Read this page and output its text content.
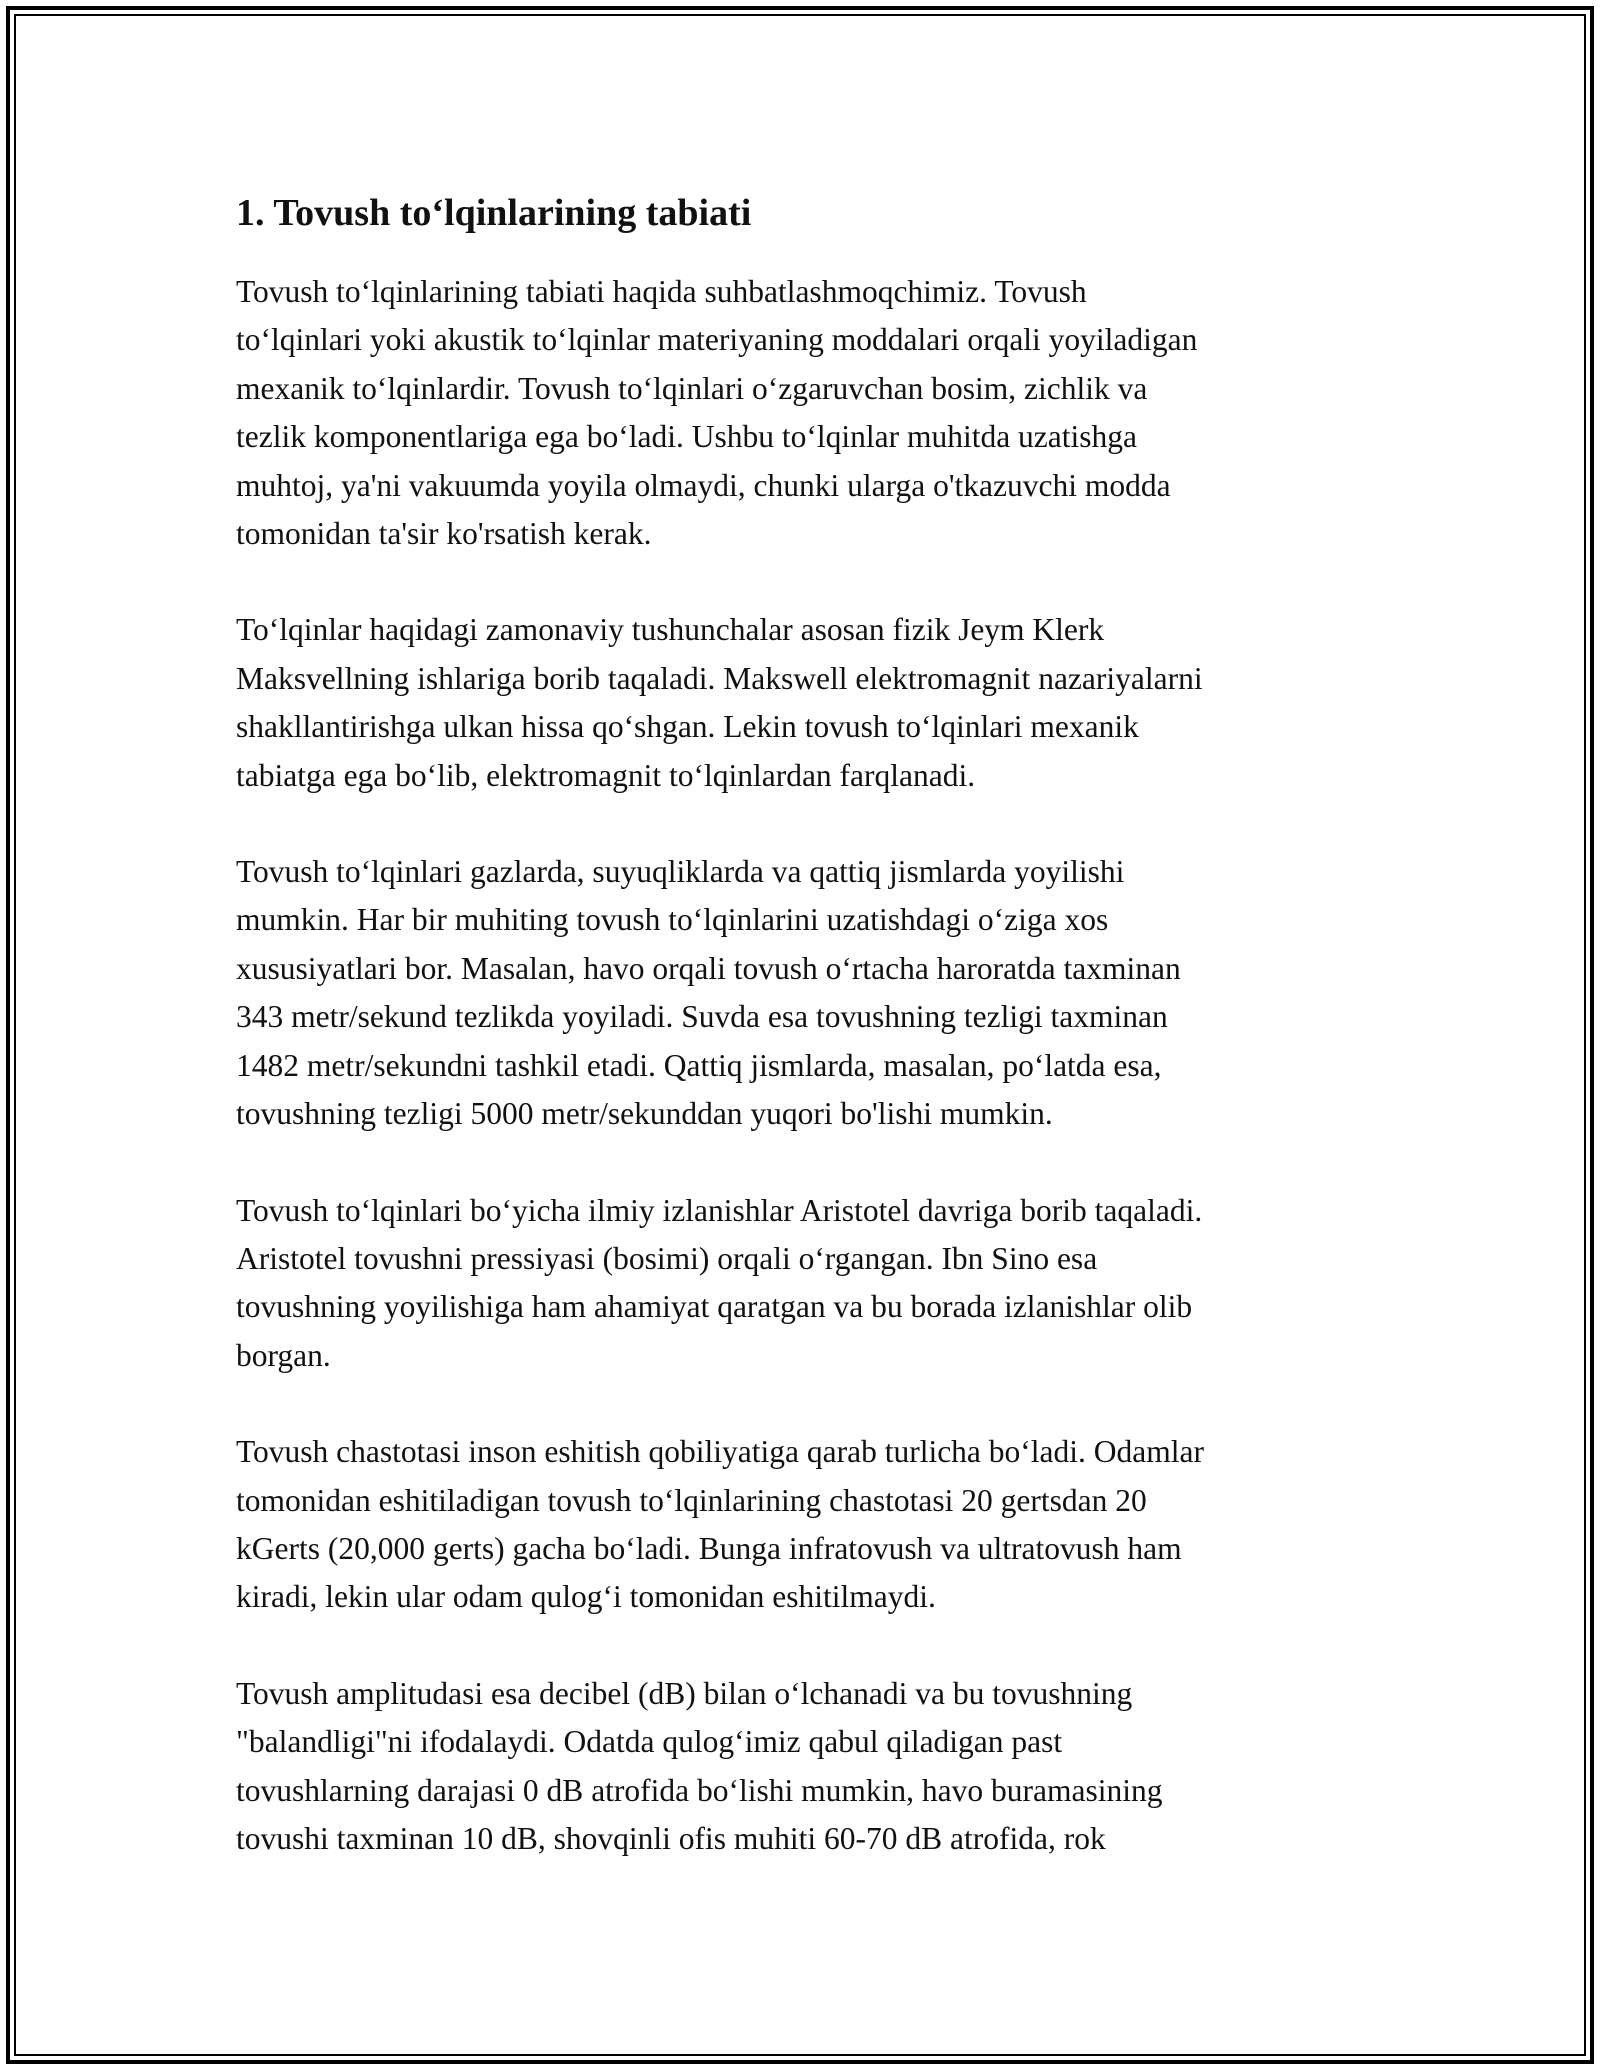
1. Tovush to‘lqinlarining tabiati

Tovush to‘lqinlarining tabiati haqida suhbatlashmoqchimiz. Tovush
to‘lqinlari yoki akustik to‘lqinlar materiyaning moddalari orqali yoyiladigan
mexanik to‘lqinlardir. Tovush to‘lqinlari o‘zgaruvchan bosim, zichlik va
tezlik komponentlariga ega bo‘ladi. Ushbu to‘lqinlar muhitda uzatishga
muhtoj, ya'ni vakuumda yoyila olmaydi, chunki ularga o'tkazuvchi modda
tomonidan ta'sir ko'rsatish kerak.

To‘lqinlar haqidagi zamonaviy tushunchalar asosan fizik Jeym Klerk
Maksvellning ishlariga borib taqaladi. Makswell elektromagnit nazariyalarni
shakllantirishga ulkan hissa qo‘shgan. Lekin tovush to‘lqinlari mexanik
tabiatga ega bo‘lib, elektromagnit to‘lqinlardan farqlanadi.

Tovush to‘lqinlari gazlarda, suyuqliklarda va qattiq jismlarda yoyilishi
mumkin. Har bir muhiting tovush to‘lqinlarini uzatishdagi o‘ziga xos
xususiyatlari bor. Masalan, havo orqali tovush o‘rtacha haroratda taxminan
343 metr/sekund tezlikda yoyiladi. Suvda esa tovushning tezligi taxminan
1482 metr/sekundni tashkil etadi. Qattiq jismlarda, masalan, po‘latda esa,
tovushning tezligi 5000 metr/sekunddan yuqori bo'lishi mumkin.

Tovush to‘lqinlari bo‘yicha ilmiy izlanishlar Aristotel davriga borib taqaladi.
Aristotel tovushni pressiyasi (bosimi) orqali o‘rgangan. Ibn Sino esa
tovushning yoyilishiga ham ahamiyat qaratgan va bu borada izlanishlar olib
borgan.

Tovush chastotasi inson eshitish qobiliyatiga qarab turlicha bo‘ladi. Odamlar
tomonidan eshitiladigan tovush to‘lqinlarining chastotasi 20 gertsdan 20
kGerts (20,000 gerts) gacha bo‘ladi. Bunga infratovush va ultratovush ham
kiradi, lekin ular odam qulog‘i tomonidan eshitilmaydi.

Tovush amplitudasi esa decibel (dB) bilan o‘lchanadi va bu tovushning
"balandligi"ni ifodalaydi. Odatda qulog‘imiz qabul qiladigan past
tovushlarning darajasi 0 dB atrofida bo‘lishi mumkin, havo buramasining
tovushi taxminan 10 dB, shovqinli ofis muhiti 60-70 dB atrofida, rok
